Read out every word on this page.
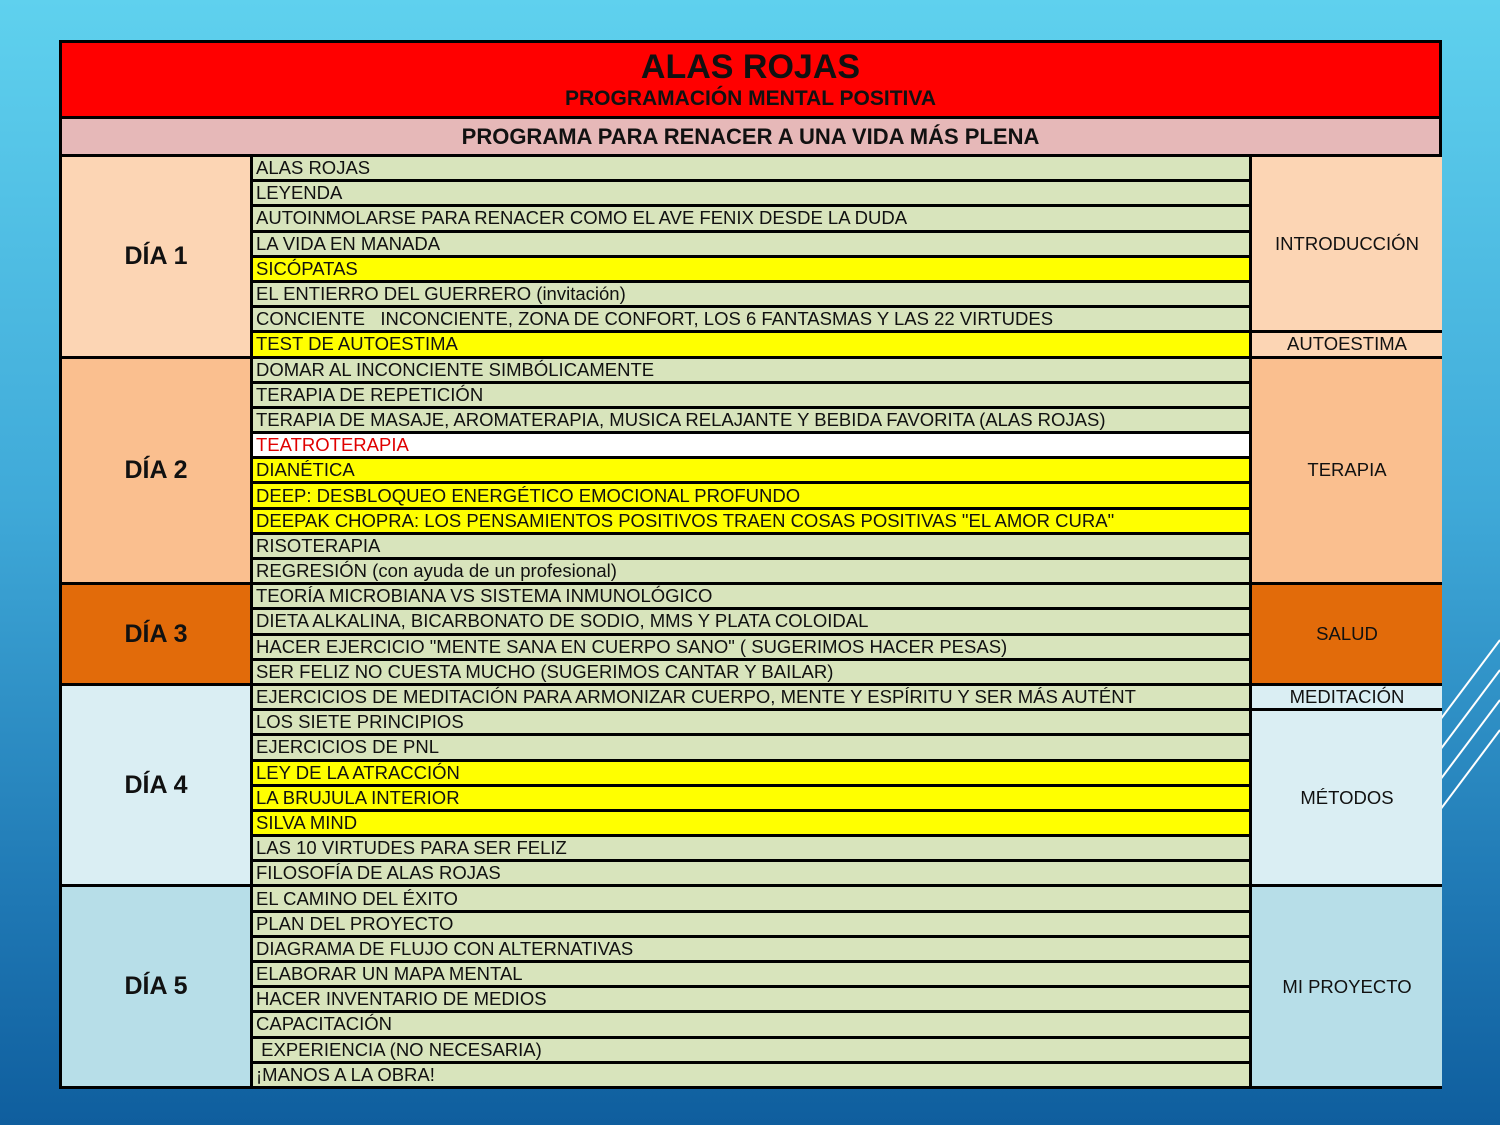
ALAS ROJAS
PROGRAMACIÓN MENTAL POSITIVA
PROGRAMA PARA RENACER A UNA VIDA MÁS PLENA
DÍA 1
ALAS ROJAS
LEYENDA
AUTOINMOLARSE PARA RENACER COMO EL AVE FENIX DESDE LA DUDA
LA VIDA EN MANADA
SICÓPATAS
EL ENTIERRO DEL GUERRERO (invitación)
CONCIENTE   INCONCIENTE, ZONA DE CONFORT, LOS 6 FANTASMAS Y LAS 22 VIRTUDES
TEST DE AUTOESTIMA
INTRODUCCIÓN
AUTOESTIMA
DÍA 2
DOMAR AL INCONCIENTE SIMBÓLICAMENTE
TERAPIA DE REPETICIÓN
TERAPIA DE MASAJE, AROMATERAPIA, MUSICA RELAJANTE Y BEBIDA FAVORITA (ALAS ROJAS)
TEATROTERAPIA
DIANÉTICA
DEEP: DESBLOQUEO ENERGÉTICO EMOCIONAL PROFUNDO
DEEPAK CHOPRA: LOS PENSAMIENTOS POSITIVOS TRAEN COSAS POSITIVAS "EL AMOR CURA"
RISOTERAPIA
REGRESIÓN (con ayuda de un profesional)
TERAPIA
DÍA 3
TEORÍA MICROBIANA VS SISTEMA INMUNOLÓGICO
DIETA ALKALINA, BICARBONATO DE SODIO, MMS Y PLATA COLOIDAL
HACER EJERCICIO "MENTE SANA EN CUERPO SANO" ( SUGERIMOS HACER PESAS)
SER FELIZ NO CUESTA MUCHO (SUGERIMOS CANTAR Y BAILAR)
SALUD
DÍA 4
EJERCICIOS DE MEDITACIÓN PARA ARMONIZAR CUERPO, MENTE Y ESPÍRITU Y SER MÁS AUTÉNT
LOS SIETE PRINCIPIOS
EJERCICIOS DE PNL
LEY DE LA ATRACCIÓN
LA BRUJULA INTERIOR
SILVA MIND
LAS 10 VIRTUDES PARA SER FELIZ
FILOSOFÍA DE ALAS ROJAS
MEDITACIÓN
MÉTODOS
DÍA 5
EL CAMINO DEL ÉXITO
PLAN DEL PROYECTO
DIAGRAMA DE FLUJO CON ALTERNATIVAS
ELABORAR UN MAPA MENTAL
HACER INVENTARIO DE MEDIOS
CAPACITACIÓN
EXPERIENCIA (NO NECESARIA)
¡MANOS A LA OBRA!
MI PROYECTO
